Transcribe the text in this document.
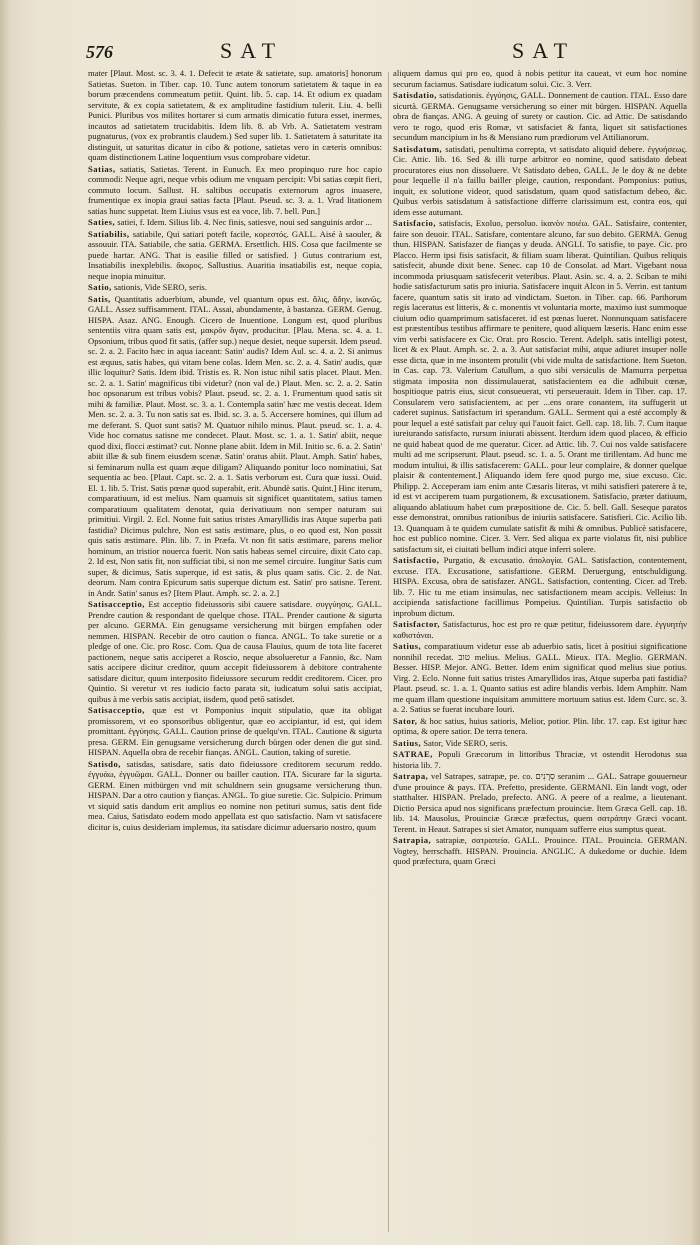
576	SAT	SAT

mater [Plaut. Most. sc. 3. 4. 1. Defecit te ætate & satietate, sup. amatoris] honorum Satietas. Sueton. in Tiber. cap. 10. Tunc autem tonorum satietatem & taque in ea borum præcendens commeatum petiit. Quint. lib. 5. cap. 14. Et odium ex quadam servitute, & ex copia satietatem, & ex amplitudine fastidium tulerit. Liu. 4. belli Punici. Pluribus vos milites hortarer si cum armatis dimicatio futura esset, inermes, incautos ad satietatem trucidabitis. Idem lib. 8. ab Vrb. A. Satietatem vestram pugnaturus, (vox ex probrantis claudem.) Sed super lib. 1. Satietatem à saturitate ita distinguit, ut saturitas dicatur in cibo & potione, satietas vero in cæteris omnibus: quam distinctionem Latine loquentium vsus comprobare videtur.

Satias, satiatis, Satietas. Terent. in Eunuch. Ex meo propinquo rure hoc capio commodi: Neque agri, neque vrbis odium me vnquam percipit: Vbi satias cœpit fieri, commuto locum. Sallust. H. saltibus occupatis externorum agros inuasere, frumentique ex inopia graui satias facta [Plaut. Pseud. sc. 3. a. 1. Vrad litationem satias hunc suppetat. Item Liuius vsus est ea voce, lib. 7. bell. Pun.]

Saties, satiei, f. Idem. Silius lib. 4. Nec finis, satiesve, noui sed sanguinis ardor ...

Satiabilis, satiabile, Qui satiari poteft facile, κορεστός. GALL. Aisé à saouler, & assouuir. ITA. Satiabile, che satia. GERMA. Ersettlich. HIS. Cosa que facilmente se puede hartar. ANG. That is easilie filled or satisfied. } Gutus contrarium est, Insatiabilis inexplebilis. ἄκορος. Sallustius. Auaritia insatiabilis est, neque copia, neque inopia minuitur.

Satio, sationis, Vide SERO, seris.

Satis, Quantitatis aduerbium, abunde, vel quantum opus est. ἅλις, ἄδην, ἱκανῶς. GALL. Assez suffisamment. ITAL. Assai, abundamente, à bastanza. GERM. Genug. HISPA. Asaz. ANG. Enough. Cicero de Inuentione. Longum est, quod pluribus sententiis vitra quam satis est, μακρὸν ἄγαν, producitur. [Plau. Mena. sc. 4. a. 1. Opsonium, tribus quod fit satis, (affer sup.) neque desiet, neque supersit. Idem pseud. sc. 2. a. 2. Facito hæc in aqua iaceant: Satin' audis? Idem Aul. sc. 4. a. 2. Si animus est æquus, satis habes, qui vitam bene colas. Idem Men. sc. 2. a. 4. Satin' audis, quæ illic loquitur? Satis. Idem ibid. Tristis es. R. Non istuc nihil satis placet. Plaut. Men. sc. 2. a. 1. Satin' magnificus tibi videtur? (non val de.) Plaut. Men. sc. 2. a. 2. Satin hoc opsonarum est tribus vobis? Plaut. pseud. sc. 2. a. 1. Frumentum quod satis sit mihi & familiæ. Plaut. Most. sc. 3. a. 1. Contempla satin' hæc me vestis deceat. Idem Men. sc. 2. a. 3. Tu non satis sat es. Ibid. sc. 3. a. 5. Accersere homines, qui illum ad me deferant. S. Quot sunt satis? M. Quatuor nihilo minus. Plaut. pseud. sc. 1. a. 4. Vide hoc cornatus satisne me condecet. Plaut. Most. sc. 1. a. 1. Satin' abiit, neque quod dixi, flocci æstimat? cut. Nonne plane abiit. Idem in Mil. Initio sc. 6. a. 2. Satin' abiit illæ & sub finem eiusdem scenæ. Satin' oratus abiit. Plaut. Amph. Satin' habes, si feminarum nulla est quam æque diligam? Aliquando ponitur loco nominatiui, Sat sequentia ac beo. [Plaut. Capt. sc. 2. a. 1. Satis verborum est. Cura quæ iussi. Ouid. El. 1. lib. 5. Trist. Satis pœnæ quod superabit, erit. Abundè satis. Quint.] Hinc iterum, comparatiuum, id est melius. Nam quamuis sit significet quantitatem, satius tamen comparatiuum qualitatem denotat, quia derivatiuum non semper naturam sui primitiui. Virgil. 2. Ecl. Nonne fuit satius tristes Amaryllidis iras Atque superba pati fastidia? Dicimus pulchre, Non est satis æstimare, plus, o eo quod est, Non possit quis satis æstimare. Plin. lib. 7. in Præfa. Vt non fit satis æstimare, parens melior hominum, an tristior nouerca fuerit. Non satis habeas semel circuire, dixit Cato cap. 2. Id est, Non satis fit, non sufficiat tibi, si non me semel circuire. Iungitur Satis cum super, & dicimus, Satis superque, id est satis, & plus quam satis. Cic. 2. de Nat. deorum. Nam contra Epicurum satis superque dictum est. Satin' pro satisne. Terent. in Andr. Satin' sanus es? [Item Plaut. Amph. sc. 2. a. 2.]

Satisacceptio, Est acceptio fideiussoris sibi cauere satisdare. συγγύησις. GALL. Prendre caution & respondant de quelque chose. ITAL. Prender cautione & sigurta per alcuno. GERMA. Ein genugsame versicherung mit bürgen empfahen oder nemmen. HISPAN. Recebir de otro caution o fianca. ANGL. To take suretie or a pledge of one. Cic. pro Rosc. Com. Qua de causa Flauius, quum de tota lite faceret pactionem, neque satis acciperet a Roscio, neque absolueretur a Fannio, &c. Nam satis accipere dicitur creditor, quum accepit fideiussorem à debitore contrahente satisdare dicitur, quum interposito fideiussore securum reddit creditorem. Cicer. pro Quintio. Si veretur vt res iudicio facto parata sit, iudicatum solui satis accipiat, quibus à me verbis satis accipiat, iisdem, quod petō satisdet.

Satisacceptio, quæ est vt Pomponius inquit stipulatio, quæ ita obligat promissorem, vt eo sponsoribus obligentur, quæ eo accipiantur, id est, qui idem promittant. ἐγγύησις. GALL. Caution prinse de quelqu'vn. ITAL. Cautione & sigurta presa. GERM. Ein genugsame versicherung durch bürgen oder denen die gut sind. HISPAN. Aquella obra de recebir fianças. ANGL. Caution, taking of suretie.

Satisdo, satisdas, satisdare, satis dato fideiussore creditorem securum reddo. ἐγγυάω, ἐγγυῶμαι. GALL. Donner ou bailler caution. ITA. Sicurare far la sigurta. GERM. Einen mitbürgen vnd mit schuldnern sein gnugsame versicherung thun. HISPAN. Dar a otro caution y fianças. ANGL. To giue suretie. Cic. Sulpicio. Primum vt siquid satis dandum erit amplius eo nomine non petituri sumus, satis dent fide mea. Caius, Satisdato eodem modo appellata est quo satisfactio. Nam vt satisfacere dicitur is, cuius desideriam implemus, ita satisdare dicimur aduersario nostro, quum

aliquem damus qui pro eo, quod à nobis petitur ita caueat, vt eum hoc nomine securum faciamus. Satisdare iudicatum solui. Cic. 3. Verr.

Satisdatio, satisdationis. ἐγγύησις, GALL. Donnement de caution. ITAL. Esso dare sicurtà. GERMA. Genugsame versicherung so einer mit bürgen. HISPAN. Aquella obra de fianças. ANG. A geuing of surety or caution. Cic. ad Attic. De satisdando vero te rogo, quod eris Romæ, vt satisfaciet & fanta, liquet sit satisfactiones secundum mancipium in hs & Mensiano rum prædiorum vel Attilianorum.

Satisdatum, satisdati, penultima correpta, vt satisdato aliquid debere. ἐγγυήσεως. Cic. Attic. lib. 16. Sed & illi turpe arbitror eo nomine, quod satisdato debeat procuratores eius non dissoluere. Vt Satisdato debeo, GALL. Je le doy & ne debte pour lequelle il n'a faillu bailler pleige, caution, respondant. Pomponius: putius, inquit, ex solutione videor, quod satisdatum, quam quod satisfactum debeo, &c. Quibus verbis satisdatum à satisfactione differre clarissimum est, contra eos, qui idem esse autumant.

Satisfacio, satisfacis, Exoluo, persoluo. ἱκανὸν ποιέω. GAL. Satisfaire, contenter, faire son deuoir. ITAL. Satisfare, contentare alcuno, far suo debito. GERMA. Genug thun. HISPAN. Satisfazer de fianças y deuda. ANGLI. To satisfie, to paye. Cic. pro Placco. Herm ipsi fisis satisfacit, & filiam suam liberat. Quintilian. Quibus reliquis satisfecit, abunde dixit bene. Senec. cap 10 de Consolat. ad Mart. Vigebant noua incommoda priusquam satisfecerit veteribus. Plaut. Asin. sc. 4. a. 2. Sciban te mihi hodie satisfacturum satis pro iniuria. Satisfacere inquit Alcon in 5. Verrin. est tantum facere, quantum satis sit irato ad vindictam. Sueton. in Tiber. cap. 66. Parthorum regis laceratus est litteris, & c. monentis vt voluntaria morte, maximo iust summoque ciuium odio quamprimum satisfaceret. id est pœnas lueret. Nonnunquam satisfacere est præstentibus testibus affirmare te penitere, quod aliquem læseris. Hanc enim esse vim verbi satisfacere ex Cic. Orat. pro Roscio. Terent. Adelph. satis intelligi potest, licet & ex Plaut. Amph. sc. 2. a. 3. Aut satisfaciat mihi, atque adiuret insuper nolle esse dicta, quæ in me insontem protulit (vbi vide multa de satisfactione. Item Sueton. in Cas. cap. 73. Valerium Catullum, a quo sibi versiculis de Mamurra perpetua stigmata imposita non dissimulauerat, satisfacientem ea die adhibuit cœnæ, hospitioque patris eius, sicut consueuerat, vti perseuerauit. Idem in Tiber. cap. 17. Consularem vero satisfacientem, ac per ...ens orare conantem, ita suffugerit ut caderet supinus. Satisfactum iri sperandum. GALL. Serment qui a esté accomply & pour lequel a esté satisfait par celuy qui l'auoit faict. Gell. cap. 18. lib. 7. Cum itaque iureiurando satisfacto, rursum iniurati abissent. Iterdum idem quod placeo, & efficio ne quid habeat quod de me queratur. Cicer. ad Attic. lib. 7. Cui nos valde satisfacere multi ad me scripserunt. Plaut. pseud. sc. 1. a. 5. Orant me tirillentam. Ad hunc me modum intuliui, & illis satisfacerem: GALL. pour leur complaire, & donner quelque plaisir & contentement.] Aliquando idem fere quod purgo me, siue excuso. Cic. Philipp. 2. Acceperam iam enim ante Cæsaris literas, vt mihi satisfieri paterere à te, id est vt acciperem tuam purgationem, & excusationem. Satisfacio, præter datiuum, aliquando ablatiuum habet cum præpositione de. Cic. 5. bell. Gall. Seseque paratos esse demonstrat, omnibus rationibus de iniuriis satisfacere. Satisfieri. Cic. Acilio lib. 13. Quanquam à te quidem cumulate satisfit & mihi & omnibus. Publicè satisfacere, hoc est publico nomine. Cicer. 3. Verr. Sed aliqua ex parte violatus fit, nisi publice satisfactum sit, ei ciuitati bellum indici atque inferri solere.

Satisfactio, Purgatio, & excusatio. ἀπολογία. GAL. Satisfaction, contentement, excuse. ITA. Excusatione, satisfattione. GERM. Deruergung, entschuldigung. HISPA. Excusa, obra de satisfazer. ANGL. Satisfaction, contenting. Cicer. ad Treb. lib. 7. Hic tu me etiam insimulas, nec satisfactionem meam accipis. Velleius: In accipienda satisfactione facillimus Pompeius. Quintilian. Turpis satisfactio ob inprobum dictum.

Satisfactor, Satisfacturus, hoc est pro re quæ petitur, fideiussorem dare. ἐγγυητὴν καθιστάναι.

Satius, comparatiuum videtur esse ab aduerbio satis, licet à positiui significatione nonnihil recedat. טוב melius. Melius. GALL. Mieux. ITA. Meglio. GERMAN. Besser. HISP. Mejor. ANG. Better. Idem enim significat quod melius siue potius. Virg. 2. Eclo. Nonne fuit satius tristes Amaryllidos iras, Atque superba pati fastidia? Plaut. pseud. sc. 1. a. 1. Quanto satius est adire blandis verbis. Idem Amphitr. Nam me quam illam questione inquisitam ammittere mortuum satius est. Idem Curc. sc. 3. a. 2. Satius se fuerat incubare louri.

Sator, & hoc satius, huius satioris, Melior, potior. Plin. libr. 17. cap. Est igitur hæc optima, & opere satior. De terra tenera.

Satius, Sator, Vide SERO, seris.

SATRAE, Populi Græcorum in littoribus Thraciæ, vt ostendit Herodotus sua historia lib. 7.

Satrapa, vel Satrapes, satrapæ, pe. co. סְרָנִים seranim ... GAL. Satrape gouuerneur d'une prouince & pays. ITA. Prefetto, presidente. GERMANI. Ein landt vogt, oder statthalter. HISPAN. Prelado, prefecto. ANG. A peere of a realme, a lieutenant. Dictio Persica apud nos significans præfectum prouinciæ. Item Græca Gell. cap. 18. lib. 14. Mausolus, Prouinciæ Græcæ præfectus, quem σατράπην Græci vocant. Terent. in Heaut. Satrapes si siet Amator, nunquam sufferre eius sumptus queat.

Satrapia, satrapiæ, σατραπεία. GALL. Prouince. ITAL. Prouincia. GERMAN. Vogtey, herrschafft. HISPAN. Prouincia. ANGLIC. A dukedome or duchie. Idem quod præfectura, quam Græci
